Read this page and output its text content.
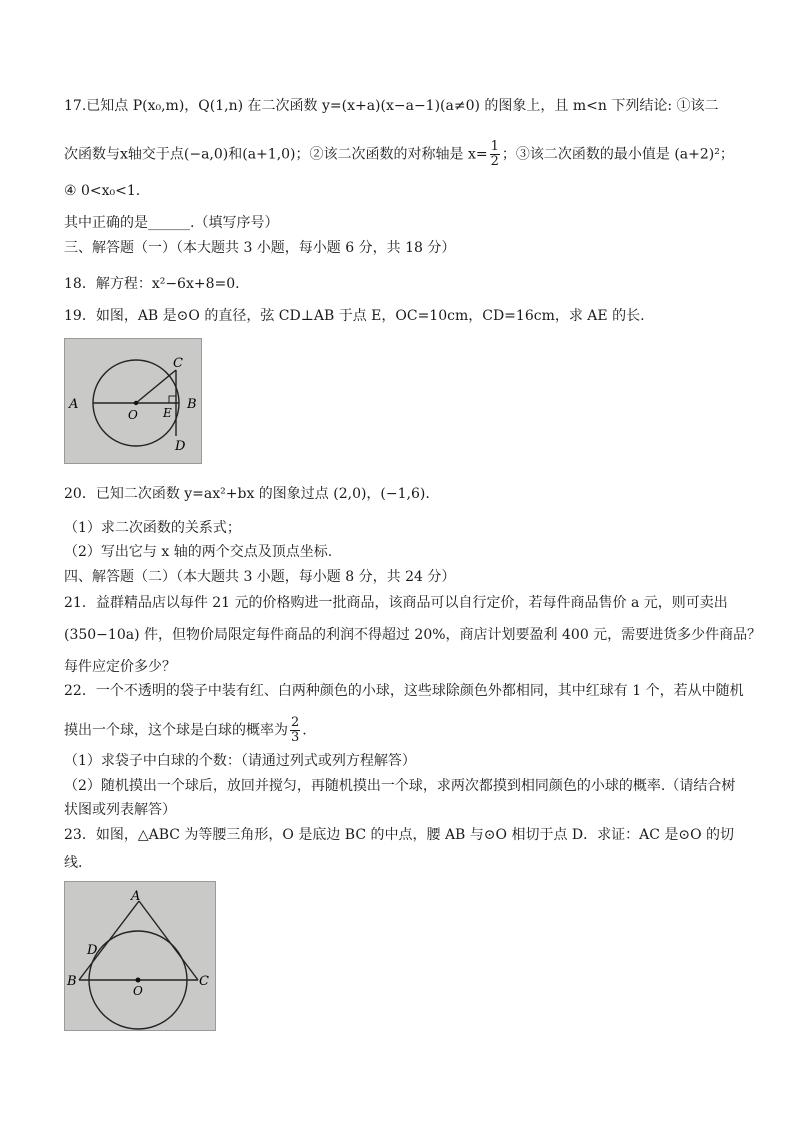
17.已知点 P(x₀,m)，Q(1,n) 在二次函数 y=(x+a)(x−a−1)(a≠0) 的图象上，且 m<n 下列结论: ①该二
次函数与x轴交于点(−a,0)和(a+1,0)；②该二次函数的对称轴是 $x= \frac{1}{2}$ ；③该二次函数的最小值是 (a+2)²；
④ 0<x₀<1.
其中正确的是______.（填写序号）
三、解答题（一）（本大题共 3 小题，每小题 6 分，共 18 分）
18．解方程：x²−6x+8=0.
19．如图，AB 是⊙O 的直径，弦 CD⊥AB 于点 E，OC=10cm，CD=16cm，求 AE 的长.
A	B
C
D
E
O
20．已知二次函数 y=ax²+bx 的图象过点 (2,0)，(−1,6).
（1）求二次函数的关系式；
（2）写出它与 x 轴的两个交点及顶点坐标.
四、解答题（二）（本大题共 3 小题，每小题 8 分，共 24 分）
21．益群精品店以每件 21 元的价格购进一批商品，该商品可以自行定价，若每件商品售价 a 元，则可卖出
(350−10a) 件，但物价局限定每件商品的利润不得超过 20%，商店计划要盈利 400 元，需要进货多少件商品？
每件应定价多少？
22．一个不透明的袋子中装有红、白两种颜色的小球，这些球除颜色外都相同，其中红球有 1 个，若从中随机
摸出一个球，这个球是白球的概率为 $\frac{2}{3}$ .
（1）求袋子中白球的个数：（请通过列式或列方程解答）
（2）随机摸出一个球后，放回并搅匀，再随机摸出一个球，求两次都摸到相同颜色的小球的概率.（请结合树
状图或列表解答）
23．如图，△ABC 为等腰三角形，O 是底边 BC 的中点，腰 AB 与⊙O 相切于点 D．求证：AC 是⊙O 的切
线.
A
B	C
D
O
